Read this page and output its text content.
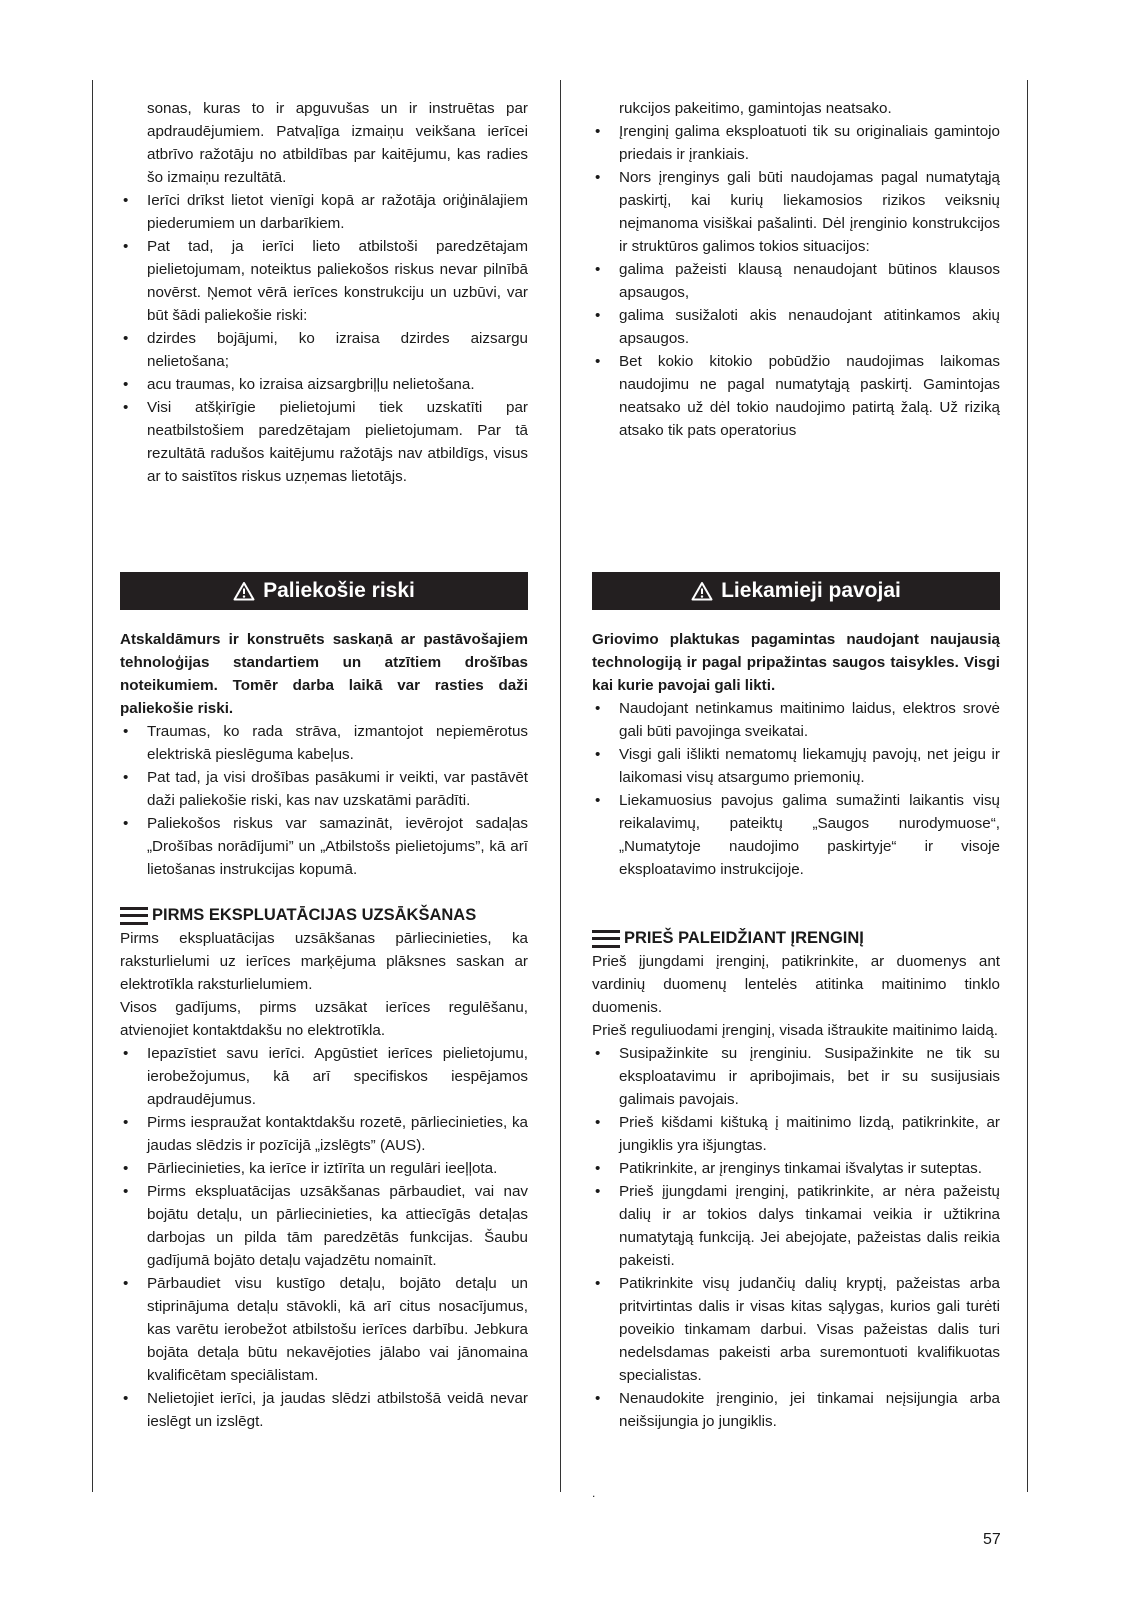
sonas, kuras to ir apguvušas un ir instruētas par apdraudējumiem. Patvaļīga izmaiņu veikšana ierīcei atbrīvo ražotāju no atbildības par kaitējumu, kas radies šo izmaiņu rezultātā.

• Ierīci drīkst lietot vienīgi kopā ar ražotāja oriģinālajiem piederumiem un darbarīkiem.
• Pat tad, ja ierīci lieto atbilstoši paredzētajam pielietojumam, noteiktus paliekošos riskus nevar pilnībā novērst. Ņemot vērā ierīces konstrukciju un uzbūvi, var būt šādi paliekošie riski:
• dzirdes bojājumi, ko izraisa dzirdes aizsargu nelietošana;
• acu traumas, ko izraisa aizsargbriļļu nelietošana.
• Visi atšķirīgie pielietojumi tiek uzskatīti par neatbilstošiem paredzētajam pielietojumam. Par tā rezultātā radušos kaitējumu ražotājs nav atbildīgs, visus ar to saistītos riskus uzņemas lietotājs.

rukcijos pakeitimo, gamintojas neatsako.

• Įrenginį galima eksploatuoti tik su originaliais gamintojo priedais ir įrankiais.
• Nors įrenginys gali būti naudojamas pagal numatytąją paskirtį, kai kurių liekamosios rizikos veiksnių neįmanoma visiškai pašalinti. Dėl įrenginio konstrukcijos ir struktūros galimos tokios situacijos:
• galima pažeisti klausą nenaudojant būtinos klausos apsaugos,
• galima susižaloti akis nenaudojant atitinkamos akių apsaugos.
• Bet kokio kitokio pobūdžio naudojimas laikomas naudojimu ne pagal numatytąją paskirtį. Gamintojas neatsako už dėl tokio naudojimo patirtą žalą. Už riziką atsako tik pats operatorius
Paliekošie riski	Liekamieji pavojai

Atskaldāmurs ir konstruēts saskaņā ar pastāvošajiem tehnoloģijas standartiem un atzītiem drošības noteikumiem. Tomēr darba laikā var rasties daži paliekošie riski.

• Traumas, ko rada strāva, izmantojot nepiemērotus elektriskā pieslēguma kabeļus.
• Pat tad, ja visi drošības pasākumi ir veikti, var pastāvēt daži paliekošie riski, kas nav uzskatāmi parādīti.
• Paliekošos riskus var samazināt, ievērojot sadaļas „Drošības norādījumi” un „Atbilstošs pielietojums”, kā arī lietošanas instrukcijas kopumā.
PIRMS EKSPLUATĀCIJAS UZSĀKŠANAS

Pirms ekspluatācijas uzsākšanas pārliecinieties, ka raksturlielumi uz ierīces marķējuma plāksnes saskan ar elektrotīkla raksturlielumiem.

Visos gadījums, pirms uzsākat ierīces regulēšanu, atvienojiet kontaktdakšu no elektrotīkla.

• Iepazīstiet savu ierīci. Apgūstiet ierīces pielietojumu, ierobežojumus, kā arī specifiskos iespējamos apdraudējumus.
• Pirms iespraužat kontaktdakšu rozetē, pārliecinieties, ka jaudas slēdzis ir pozīcijā „izslēgts” (AUS).
• Pārliecinieties, ka ierīce ir iztīrīta un regulāri ieeļļota.
• Pirms ekspluatācijas uzsākšanas pārbaudiet, vai nav bojātu detaļu, un pārliecinieties, ka attiecīgās detaļas darbojas un pilda tām paredzētās funkcijas. Šaubu gadījumā bojāto detaļu vajadzētu nomainīt.
• Pārbaudiet visu kustīgo detaļu, bojāto detaļu un stiprinājuma detaļu stāvokli, kā arī citus nosacījumus, kas varētu ierobežot atbilstošu ierīces darbību. Jebkura bojāta detaļa būtu nekavējoties jālabo vai jānomaina kvalificētam speciālistam.
• Nelietojiet ierīci, ja jaudas slēdzi atbilstošā veidā nevar ieslēgt un izslēgt.

Griovimo plaktukas pagamintas naudojant naujausią technologiją ir pagal pripažintas saugos taisykles. Visgi kai kurie pavojai gali likti.

• Naudojant netinkamus maitinimo laidus, elektros srovė gali būti pavojinga sveikatai.
• Visgi gali išlikti nematomų liekamųjų pavojų, net jeigu ir laikomasi visų atsargumo priemonių.
• Liekamuosius pavojus galima sumažinti laikantis visų reikalavimų, pateiktų „Saugos nurodymuose“, „Numatytoje naudojimo paskirtyje“ ir visoje eksploatavimo instrukcijoje.
PRIEŠ PALEIDŽIANT ĮRENGINĮ

Prieš įjungdami įrenginį, patikrinkite, ar duomenys ant vardinių duomenų lentelės atitinka maitinimo tinklo duomenis.

Prieš reguliuodami įrenginį, visada ištraukite maitinimo laidą.

• Susipažinkite su įrenginiu. Susipažinkite ne tik su eksploatavimu ir apribojimais, bet ir su susijusiais galimais pavojais.
• Prieš kišdami kištuką į maitinimo lizdą, patikrinkite, ar jungiklis yra išjungtas.
• Patikrinkite, ar įrenginys tinkamai išvalytas ir suteptas.
• Prieš įjungdami įrenginį, patikrinkite, ar nėra pažeistų dalių ir ar tokios dalys tinkamai veikia ir užtikrina numatytąją funkciją. Jei abejojate, pažeistas dalis reikia pakeisti.
• Patikrinkite visų judančių dalių kryptį, pažeistas arba pritvirtintas dalis ir visas kitas sąlygas, kurios gali turėti poveikio tinkamam darbui. Visas pažeistas dalis turi nedelsdamas pakeisti arba suremontuoti kvalifikuotas specialistas.
• Nenaudokite įrenginio, jei tinkamai neįsijungia arba neišsijungia jo jungiklis.
.
57
